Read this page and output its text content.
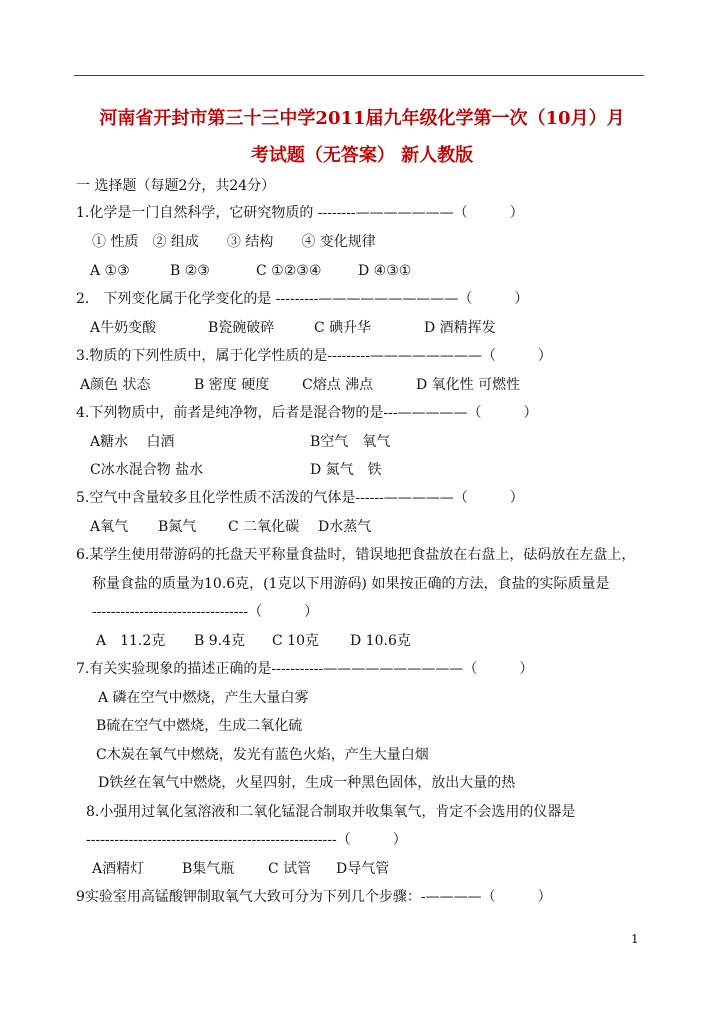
河南省开封市第三十三中学2011届九年级化学第一次（10月）月
考试题（无答案） 新人教版
一 选择题（每题2分，共24分）
1.化学是一门自然科学，它研究物质的 --------———————（　　　）
① 性质　② 组成　　③ 结构　　④ 变化规律
A ①③	B ②③	C ①②③④	D ④③①
2.　下列变化属于化学变化的是 ---------——————————（　　　）
A牛奶变酸	B瓷碗破碎	C 碘升华	D 酒精挥发
3.物质的下列性质中，属于化学性质的是---------————————（　　　）
A颜色 状态	B 密度 硬度 C熔点 沸点	D 氧化性 可燃性
4.下列物质中，前者是纯净物，后者是混合物的是---—————（　　　）
A糖水　 白酒	B空气　氧气
C冰水混合物 盐水	D 氮气　铁
5.空气中含量较多且化学性质不活泼的气体是------—————（　　　）
A氧气 B氮气 C 二氧化碳 D水蒸气
6.某学生使用带游码的托盘天平称量食盐时，错误地把食盐放在右盘上，砝码放在左盘上，
称量食盐的质量为10.6克，(1克以下用游码) 如果按正确的方法，食盐的实际质量是
---------------------------------（　　　）
A　11.2克 B 9.4克 C 10克 D 10.6克
7.有关实验现象的描述正确的是-----------——————————（　　　）
A 磷在空气中燃烧，产生大量白雾
B硫在空气中燃烧，生成二氧化硫
C木炭在氧气中燃烧，发光有蓝色火焰，产生大量白烟
D铁丝在氧气中燃烧，火星四射，生成一种黑色固体，放出大量的热
8.小强用过氧化氢溶液和二氧化锰混合制取并收集氧气，肯定不会选用的仪器是
-----------------------------------------------------（　　　）
A酒精灯	B集气瓶 C 试管 D导气管
9实验室用高锰酸钾制取氧气大致可分为下列几个步骤：-————（　　　）
1
